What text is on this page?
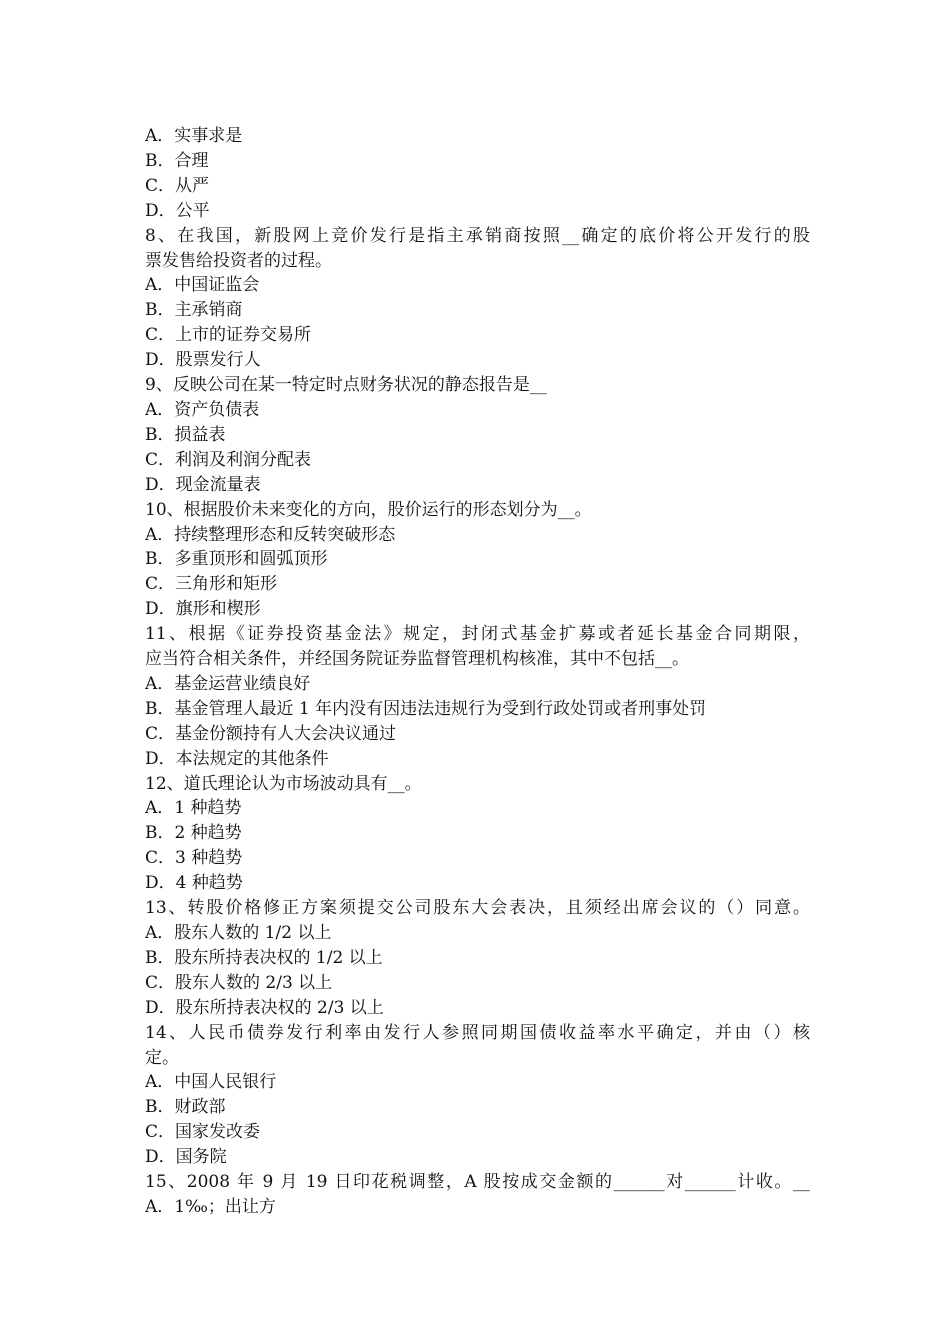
A．实事求是
B．合理
C．从严
D．公平
8、在我国，新股网上竞价发行是指主承销商按照__确定的底价将公开发行的股
票发售给投资者的过程。
A．中国证监会
B．主承销商
C．上市的证券交易所
D．股票发行人
9、反映公司在某一特定时点财务状况的静态报告是__
A．资产负债表
B．损益表
C．利润及利润分配表
D．现金流量表
10、根据股价未来变化的方向，股价运行的形态划分为__。
A．持续整理形态和反转突破形态
B．多重顶形和圆弧顶形
C．三角形和矩形
D．旗形和楔形
11、根据《证券投资基金法》规定，封闭式基金扩募或者延长基金合同期限，
应当符合相关条件，并经国务院证券监督管理机构核准，其中不包括__。
A．基金运营业绩良好
B．基金管理人最近 1 年内没有因违法违规行为受到行政处罚或者刑事处罚
C．基金份额持有人大会决议通过
D．本法规定的其他条件
12、道氏理论认为市场波动具有__。
A．1 种趋势
B．2 种趋势
C．3 种趋势
D．4 种趋势
13、转股价格修正方案须提交公司股东大会表决，且须经出席会议的（）同意。
A．股东人数的 1/2 以上
B．股东所持表决权的 1/2 以上
C．股东人数的 2/3 以上
D．股东所持表决权的 2/3 以上
14、人民币债券发行利率由发行人参照同期国债收益率水平确定，并由（）核
定。
A．中国人民银行
B．财政部
C．国家发改委
D．国务院
15、2008 年 9 月 19 日印花税调整，A 股按成交金额的______对______计收。__
A．1‰；出让方
